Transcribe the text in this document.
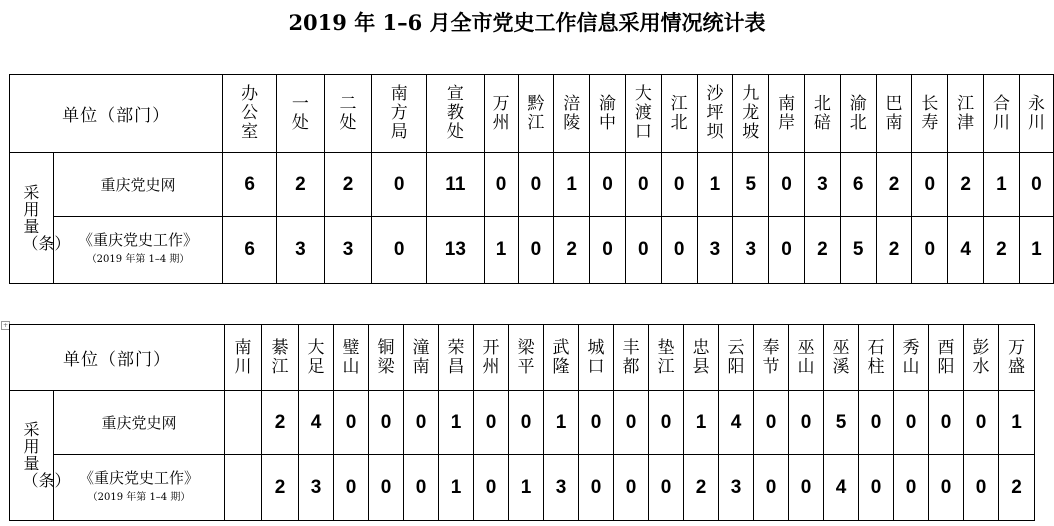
2019 年 1–6 月全市党史工作信息采用情况统计表
+
单位（部门）		办公室	一处	二处	南方局	宣教处	万州	黔江	涪陵	渝中	大渡口	江北	沙坪坝	九龙坡	南岸	北碚	渝北	巴南	长寿	江津	合川	永川
采用量（条）	重庆党史网	6	2	2	0	11	0	0	1	0	0	0	1	5	0	3	6	2	0	2	1	0

	《重庆党史工作》
（2019 年第 1–4 期）	6	3	3	0	13	1	0	2	0	0	0	3	3	0	2	5	2	0	4	2	1
单位（部门）		南川	綦江	大足	璧山	铜梁	潼南	荣昌	开州	梁平	武隆	城口	丰都	垫江	忠县	云阳	奉节	巫山	巫溪	石柱	秀山	酉阳	彭水	万盛
采用量（条）	重庆党史网		2	4	0	0	0	1	0	0	1	0	0	0	1	4	0	0	5	0	0	0	0	1

	《重庆党史工作》
（2019 年第 1–4 期）		2	3	0	0	0	1	0	1	3	0	0	0	2	3	0	0	4	0	0	0	0	2
